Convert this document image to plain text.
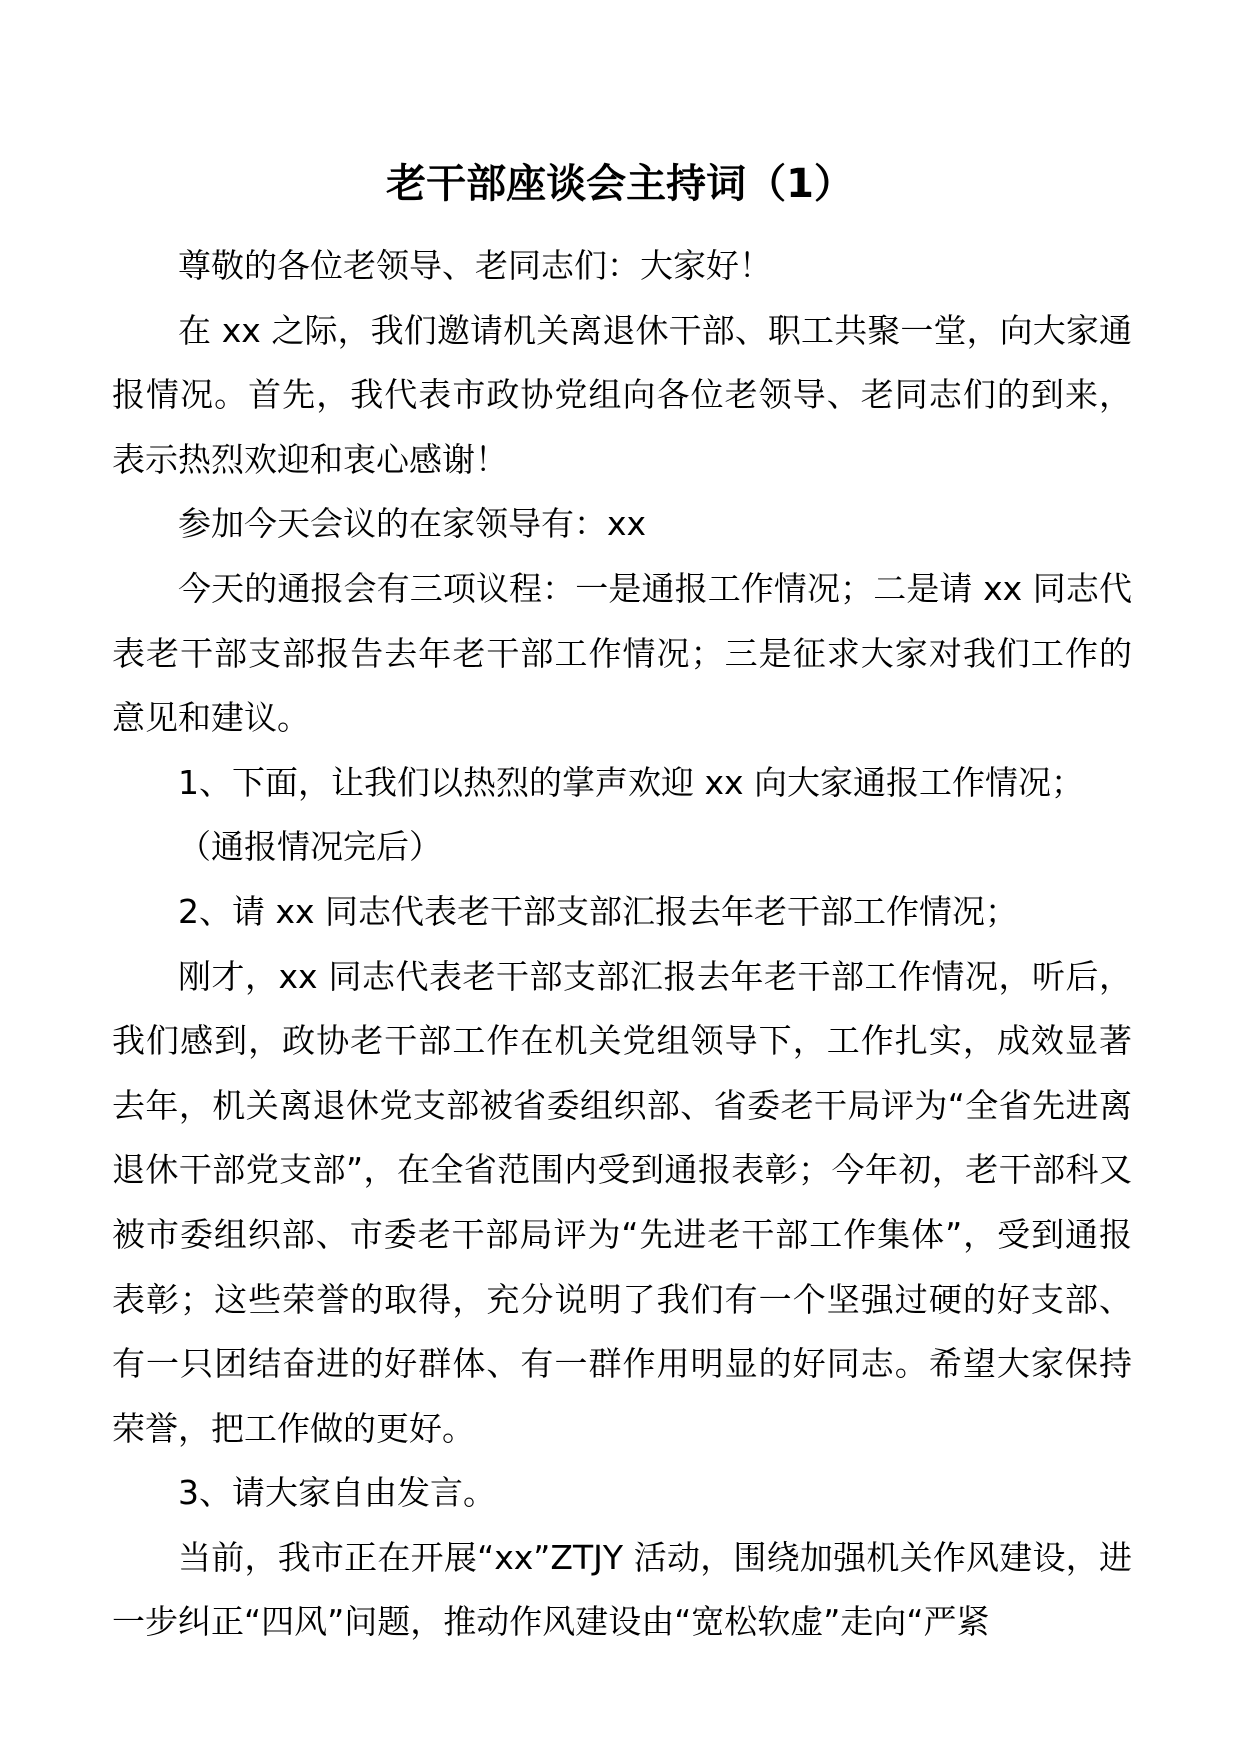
老干部座谈会主持词（1）

尊敬的各位老领导、老同志们：大家好！

在 xx 之际，我们邀请机关离退休干部、职工共聚一堂，向大家通报情况。首先，我代表市政协党组向各位老领导、老同志们的到来，表示热烈欢迎和衷心感谢！

参加今天会议的在家领导有：xx

今天的通报会有三项议程：一是通报工作情况；二是请 xx 同志代表老干部支部报告去年老干部工作情况；三是征求大家对我们工作的意见和建议。

1、下面，让我们以热烈的掌声欢迎 xx 向大家通报工作情况；

（通报情况完后）

2、请 xx 同志代表老干部支部汇报去年老干部工作情况；

刚才，xx 同志代表老干部支部汇报去年老干部工作情况，听后，我们感到，政协老干部工作在机关党组领导下，工作扎实，成效显著去年，机关离退休党支部被省委组织部、省委老干局评为“全省先进离退休干部党支部”，在全省范围内受到通报表彰；今年初，老干部科又被市委组织部、市委老干部局评为“先进老干部工作集体”，受到通报表彰；这些荣誉的取得，充分说明了我们有一个坚强过硬的好支部、有一只团结奋进的好群体、有一群作用明显的好同志。希望大家保持荣誉，把工作做的更好。

3、请大家自由发言。

当前，我市正在开展“xx”ZTJY 活动，围绕加强机关作风建设，进一步纠正“四风”问题，推动作风建设由“宽松软虚”走向“严紧
